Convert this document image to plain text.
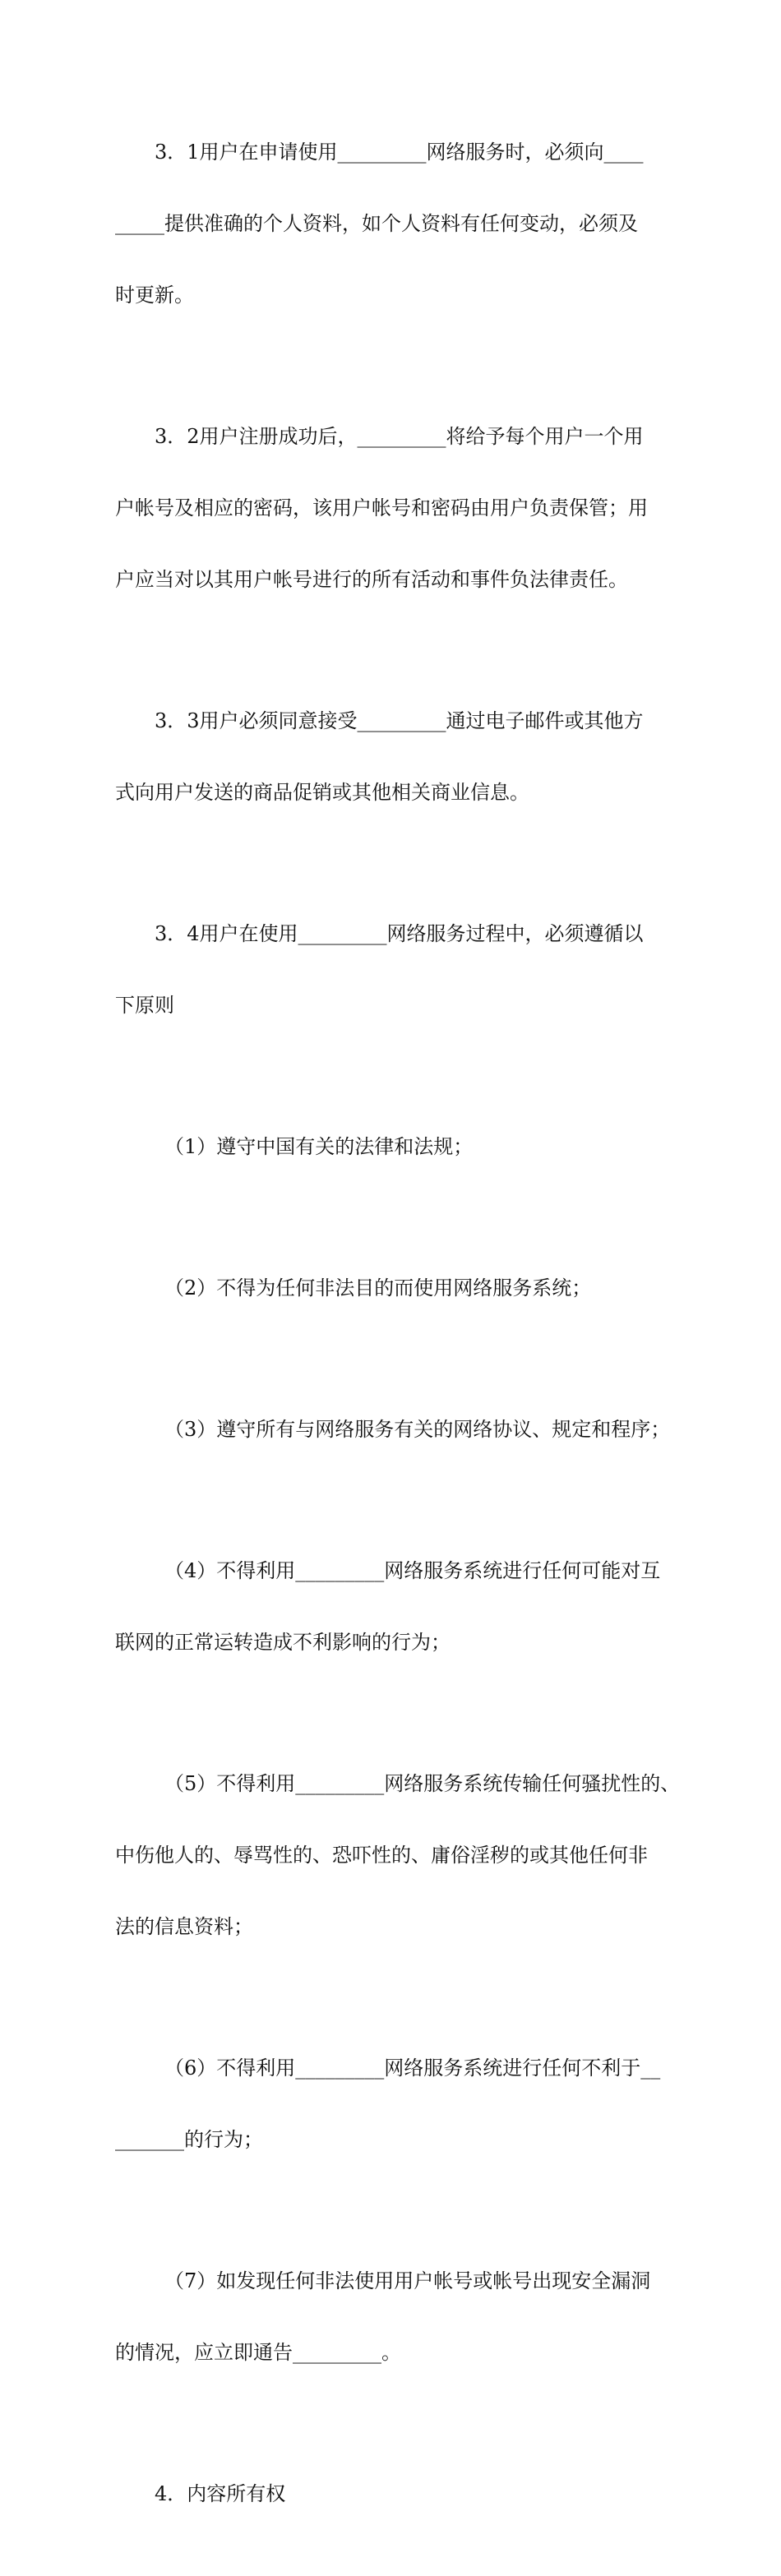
3．1用户在申请使用_________网络服务时，必须向____

_____提供准确的个人资料，如个人资料有任何变动，必须及

时更新。

3．2用户注册成功后，_________将给予每个用户一个用

户帐号及相应的密码，该用户帐号和密码由用户负责保管；用

户应当对以其用户帐号进行的所有活动和事件负法律责任。

3．3用户必须同意接受_________通过电子邮件或其他方

式向用户发送的商品促销或其他相关商业信息。

3．4用户在使用_________网络服务过程中，必须遵循以

下原则

（1）遵守中国有关的法律和法规；

（2）不得为任何非法目的而使用网络服务系统；

（3）遵守所有与网络服务有关的网络协议、规定和程序；

（4）不得利用_________网络服务系统进行任何可能对互

联网的正常运转造成不利影响的行为；

（5）不得利用_________网络服务系统传输任何骚扰性的、

中伤他人的、辱骂性的、恐吓性的、庸俗淫秽的或其他任何非

法的信息资料；

（6）不得利用_________网络服务系统进行任何不利于__

_______的行为；

（7）如发现任何非法使用用户帐号或帐号出现安全漏洞

的情况，应立即通告_________。

4．内容所有权
